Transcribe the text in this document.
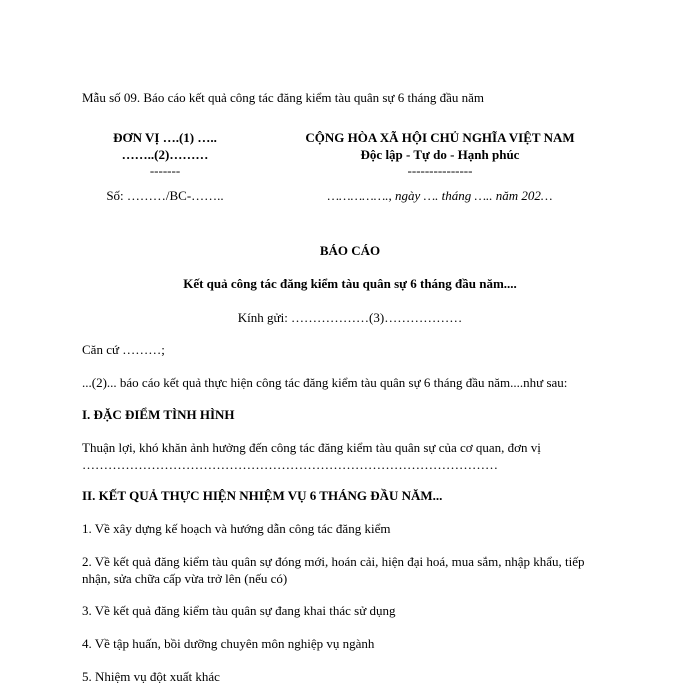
Mẫu số 09. Báo cáo kết quả công tác đăng kiểm tàu quân sự 6 tháng đầu năm
ĐƠN VỊ ….(1) …..
……..(2)………
-------
Số: ………/BC-……..
CỘNG HÒA XÃ HỘI CHỦ NGHĨA VIỆT NAM
Độc lập - Tự do - Hạnh phúc
---------------
……………., ngày …. tháng ….. năm 202…
BÁO CÁO
Kết quả công tác đăng kiểm tàu quân sự 6 tháng đầu năm....
Kính gửi: ………………(3)………………
Căn cứ ………;
...(2)... báo cáo kết quả thực hiện công tác đăng kiểm tàu quân sự 6 tháng đầu năm....như sau:
I. ĐẶC ĐIỂM TÌNH HÌNH
Thuận lợi, khó khăn ảnh hưởng đến công tác đăng kiểm tàu quân sự của cơ quan, đơn vị
……………………………………………………………………………………
II. KẾT QUẢ THỰC HIỆN NHIỆM VỤ 6 THÁNG ĐẦU NĂM...
1. Về xây dựng kế hoạch và hướng dẫn công tác đăng kiểm
2. Về kết quả đăng kiểm tàu quân sự đóng mới, hoán cải, hiện đại hoá, mua sắm, nhập khẩu, tiếp
nhận, sửa chữa cấp vừa trở lên (nếu có)
3. Về kết quả đăng kiểm tàu quân sự đang khai thác sử dụng
4. Về tập huấn, bồi dưỡng chuyên môn nghiệp vụ ngành
5. Nhiệm vụ đột xuất khác
